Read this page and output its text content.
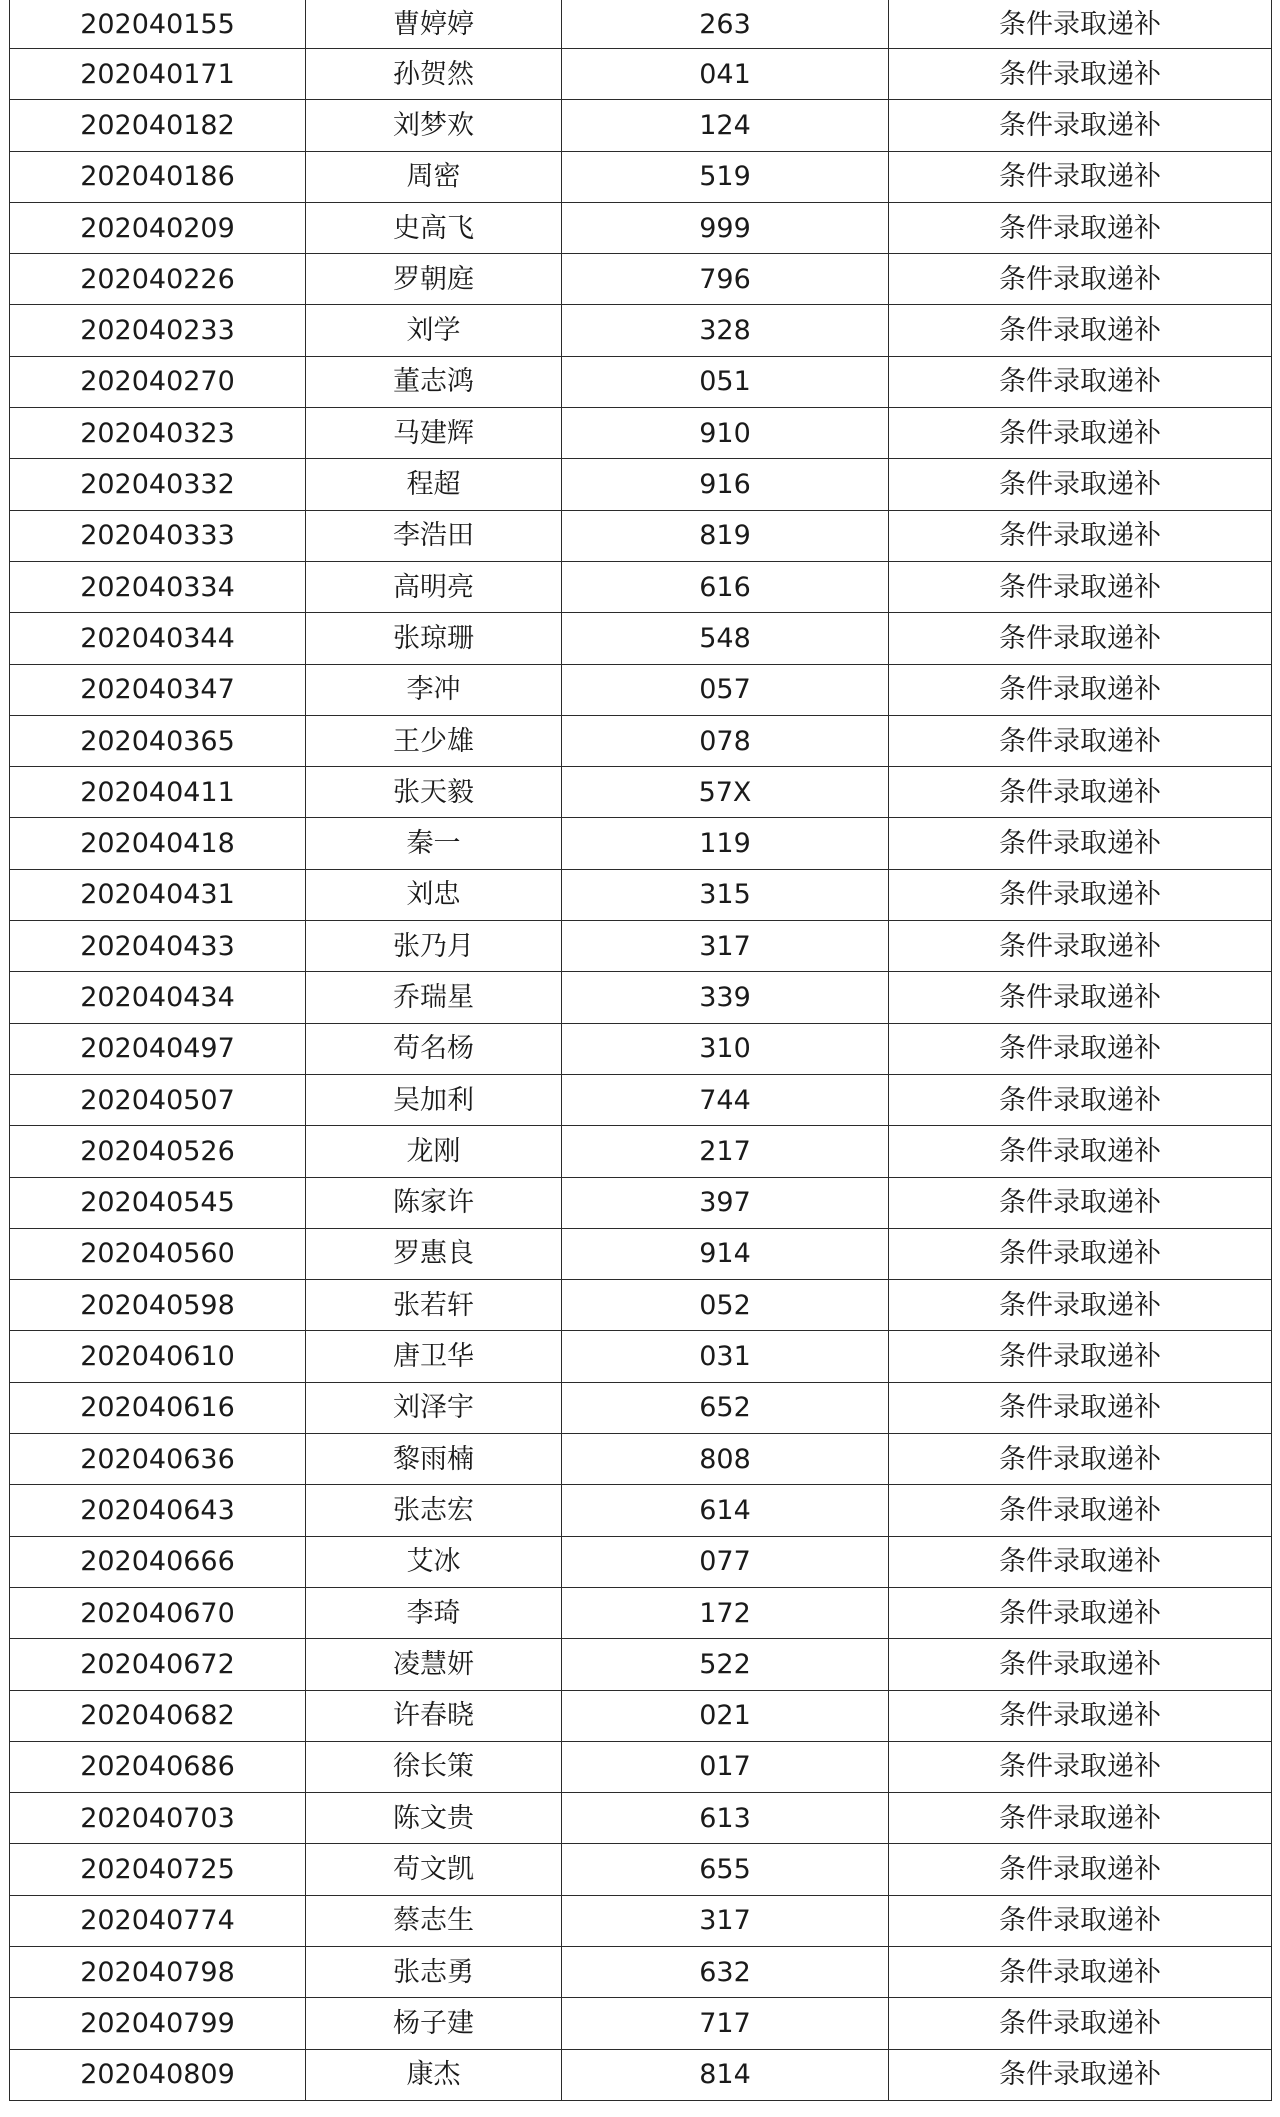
202040155	曹婷婷	263	条件录取递补
202040171	孙贺然	041	条件录取递补
202040182	刘梦欢	124	条件录取递补
202040186	周密	519	条件录取递补
202040209	史高飞	999	条件录取递补
202040226	罗朝庭	796	条件录取递补
202040233	刘学	328	条件录取递补
202040270	董志鸿	051	条件录取递补
202040323	马建辉	910	条件录取递补
202040332	程超	916	条件录取递补
202040333	李浩田	819	条件录取递补
202040334	高明亮	616	条件录取递补
202040344	张琼珊	548	条件录取递补
202040347	李冲	057	条件录取递补
202040365	王少雄	078	条件录取递补
202040411	张天毅	57X	条件录取递补
202040418	秦一	119	条件录取递补
202040431	刘忠	315	条件录取递补
202040433	张乃月	317	条件录取递补
202040434	乔瑞星	339	条件录取递补
202040497	苟名杨	310	条件录取递补
202040507	吴加利	744	条件录取递补
202040526	龙刚	217	条件录取递补
202040545	陈家许	397	条件录取递补
202040560	罗惠良	914	条件录取递补
202040598	张若轩	052	条件录取递补
202040610	唐卫华	031	条件录取递补
202040616	刘泽宇	652	条件录取递补
202040636	黎雨楠	808	条件录取递补
202040643	张志宏	614	条件录取递补
202040666	艾冰	077	条件录取递补
202040670	李琦	172	条件录取递补
202040672	凌慧妍	522	条件录取递补
202040682	许春晓	021	条件录取递补
202040686	徐长策	017	条件录取递补
202040703	陈文贵	613	条件录取递补
202040725	苟文凯	655	条件录取递补
202040774	蔡志生	317	条件录取递补
202040798	张志勇	632	条件录取递补
202040799	杨子建	717	条件录取递补
202040809	康杰	814	条件录取递补
